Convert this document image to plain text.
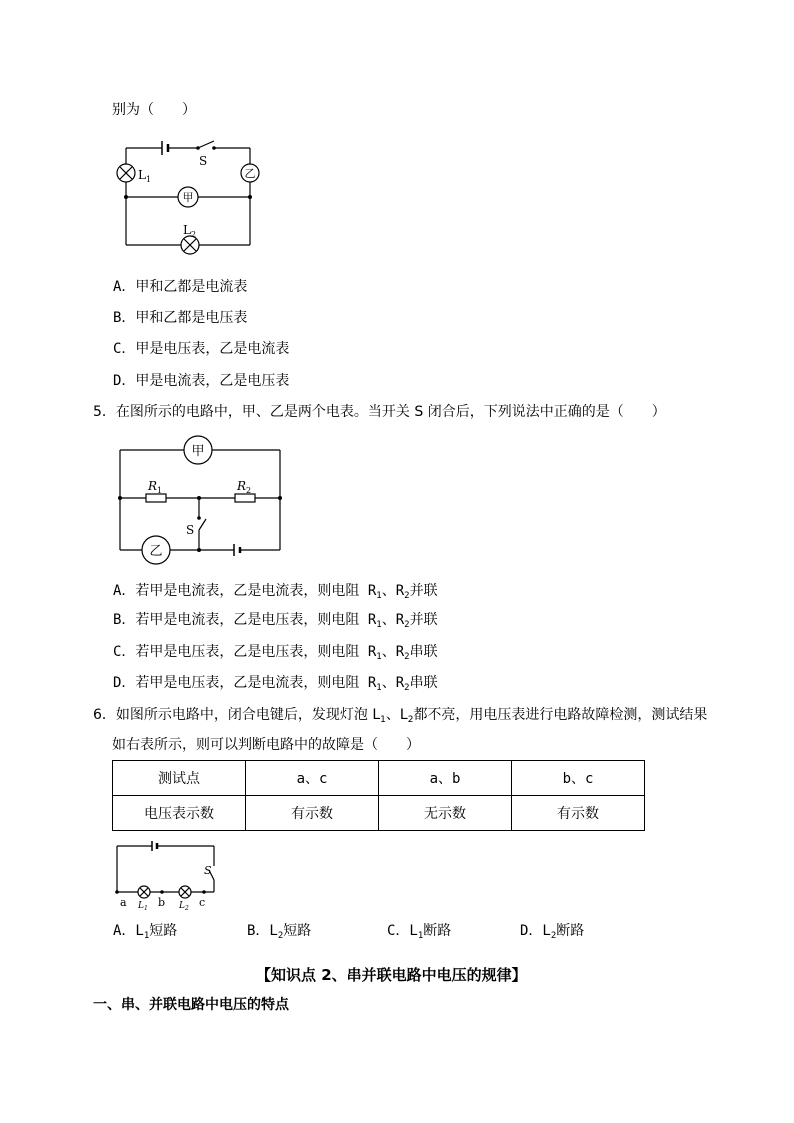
别为（　　）
S
$L_1$
$L_2$
甲
乙
A．甲和乙都是电流表
B．甲和乙都是电压表
C．甲是电压表，乙是电流表
D．甲是电流表，乙是电压表
5．在图所示的电路中，甲、乙是两个电表。当开关 S 闭合后，下列说法中正确的是（　　）
甲
乙
$R_1$	$R_2$
S
A．若甲是电流表，乙是电流表，则电阻 $R_1$、$R_2$并联
B．若甲是电流表，乙是电压表，则电阻 $R_1$、$R_2$并联
C．若甲是电压表，乙是电压表，则电阻 $R_1$、$R_2$串联
D．若甲是电压表，乙是电流表，则电阻 $R_1$、$R_2$串联
6．如图所示电路中，闭合电键后，发现灯泡 $L_1$、$L_2$都不亮，用电压表进行电路故障检测，测试结果
如右表所示，则可以判断电路中的故障是（　　）
测试点	a、c	a、b	b、c
电压表示数	有示数	无示数	有示数
S
a	b	c
$L_1$	$L_2$
A．$L_1$短路	B．$L_2$短路	C．$L_1$断路	D．$L_2$断路
【知识点 2、串并联电路中电压的规律】
一、串、并联电路中电压的特点
